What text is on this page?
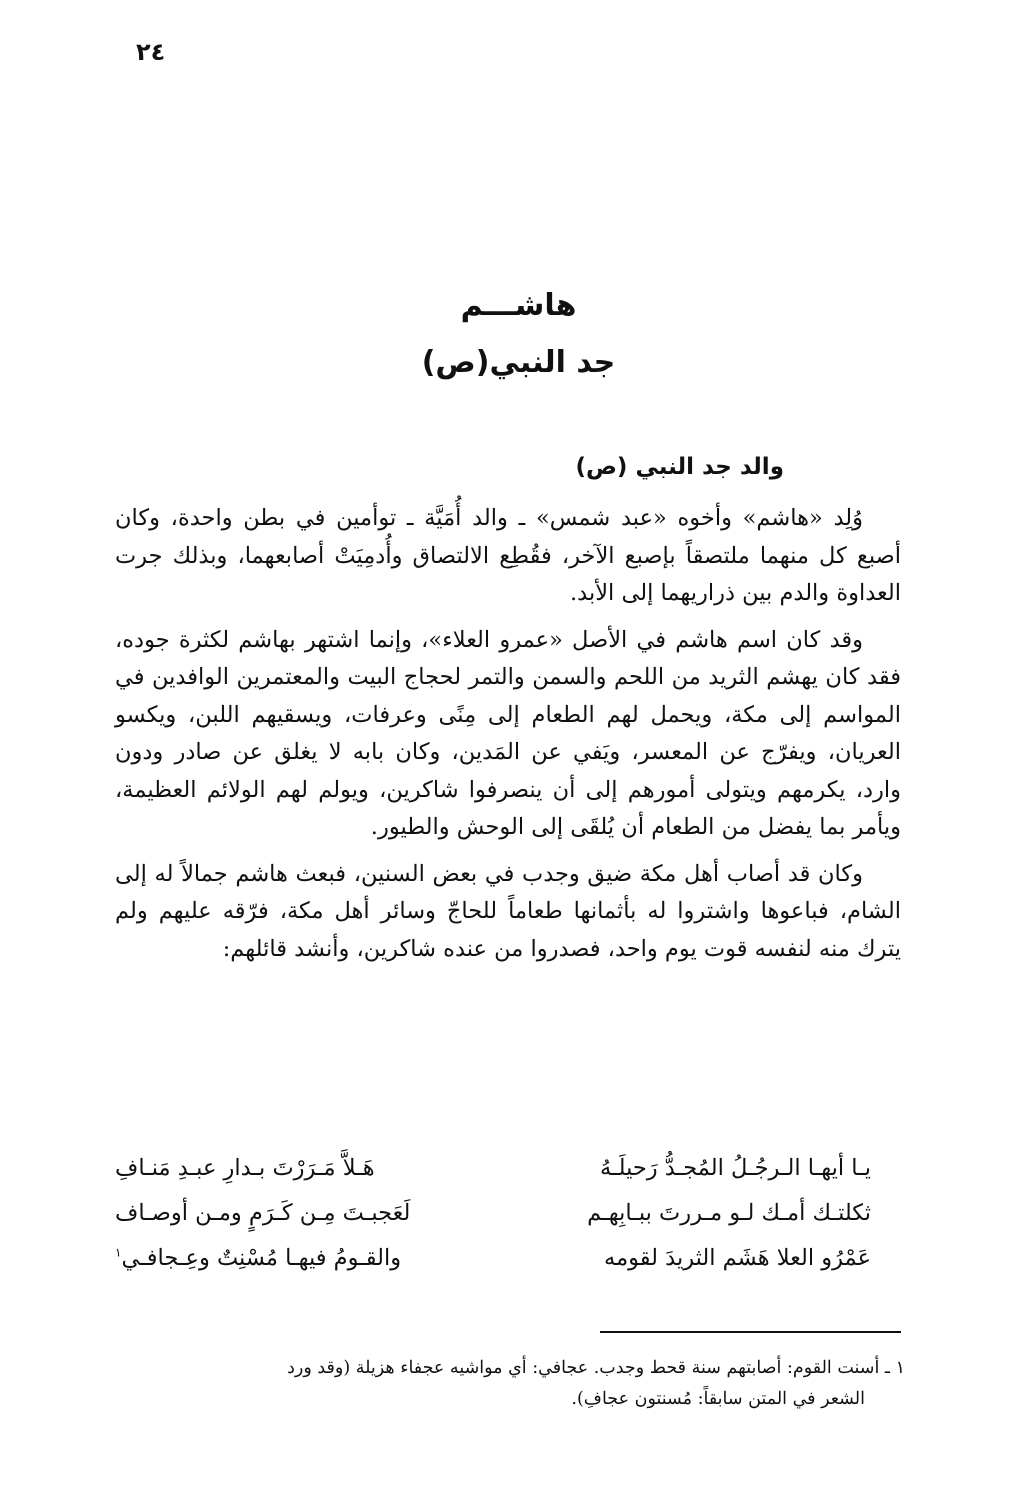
٢٤
هاشـــم
جد النبي(ص)
والد جد النبي (ص)

وُلِد «هاشم» وأخوه «عبد شمس» ـ والد أُمَيَّة ـ توأمين في بطن واحدة، وكان أصبع كل منهما ملتصقاً بإصبع الآخر، فقُطِع الالتصاق وأُدمِيَتْ أصابعهما، وبذلك جرت العداوة والدم بين ذراريهما إلى الأبد.

وقد كان اسم هاشم في الأصل «عمرو العلاء»، وإنما اشتهر بهاشم لكثرة جوده، فقد كان يهشم الثريد من اللحم والسمن والتمر لحجاج البيت والمعتمرين الوافدين في المواسم إلى مكة، ويحمل لهم الطعام إلى مِنًى وعرفات، ويسقيهم اللبن، ويكسو العريان، ويفرّج عن المعسر، ويَفي عن المَدين، وكان بابه لا يغلق عن صادر ودون وارد، يكرمهم ويتولى أمورهم إلى أن ينصرفوا شاكرين، ويولم لهم الولائم العظيمة، ويأمر بما يفضل من الطعام أن يُلقَى إلى الوحش والطيور.

وكان قد أصاب أهل مكة ضيق وجدب في بعض السنين، فبعث هاشم جمالاً له إلى الشام، فباعوها واشتروا له بأثمانها طعاماً للحاجّ وسائر أهل مكة، فرّقه عليهم ولم يترك منه لنفسه قوت يوم واحد، فصدروا من عنده شاكرين، وأنشد قائلهم:

يـا أيهـا الـرجُـلُ المُجـدُّ رَحيلَـهُ
هَـلاَّ مَـرَرْتَ بـدارِ عبـدِ مَنـافِ
ثكلتـك أمـك لـو مـررتَ ببـابِهـم
لَعَجبـتَ مِـن كَـرَمٍ ومـن أوصـاف
عَمْرُو العلا هَشَم الثريدَ لقومه
والقـومُ فيهـا مُسْنِتٌ وعِـجافـي$^١$
١ ـ أسنت القوم: أصابتهم سنة قحط وجدب. عجافي: أي مواشيه عجفاء هزيلة (وقد ورد
الشعر في المتن سابقاً: مُسنتون عجافِ).
